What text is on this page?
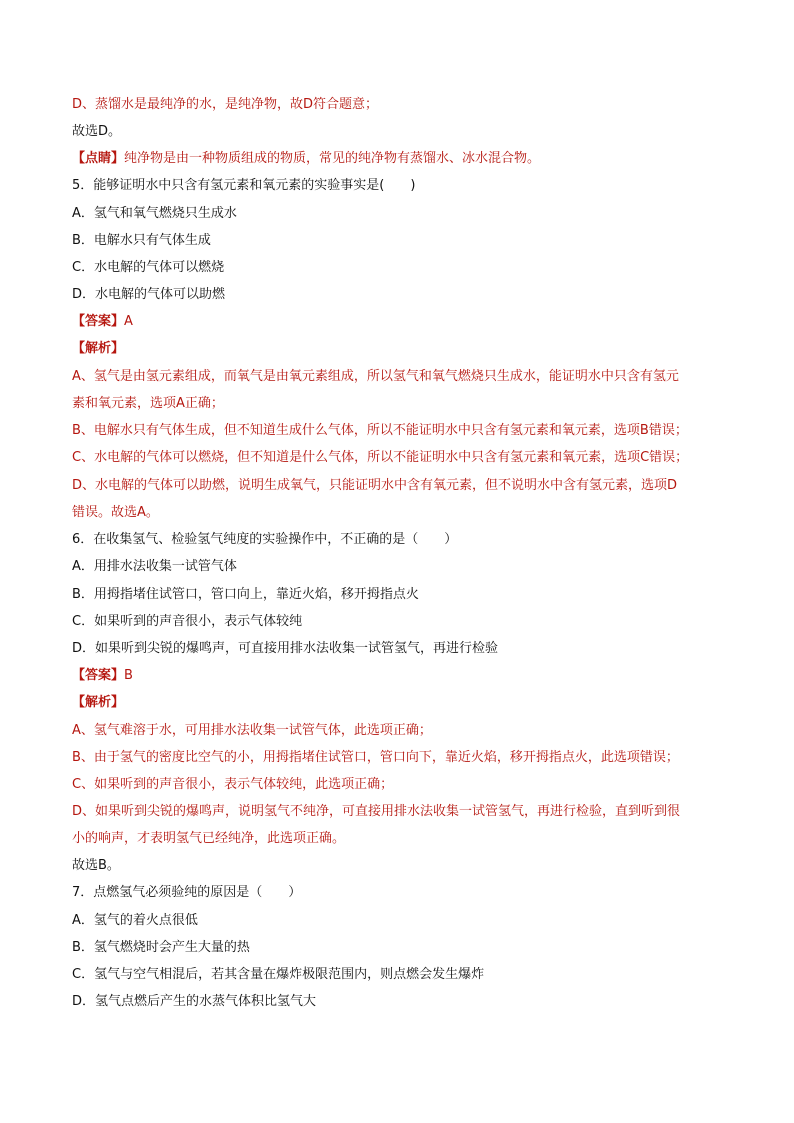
D、蒸馏水是最纯净的水，是纯净物，故D符合题意；
故选D。
【点睛】纯净物是由一种物质组成的物质，常见的纯净物有蒸馏水、冰水混合物。
5．能够证明水中只含有氢元素和氧元素的实验事实是(　　)
A．氢气和氧气燃烧只生成水
B．电解水只有气体生成
C．水电解的气体可以燃烧
D．水电解的气体可以助燃
【答案】A
【解析】
A、氢气是由氢元素组成，而氧气是由氧元素组成，所以氢气和氧气燃烧只生成水，能证明水中只含有氢元
素和氧元素，选项A正确；
B、电解水只有气体生成，但不知道生成什么气体，所以不能证明水中只含有氢元素和氧元素，选项B错误；
C、水电解的气体可以燃烧，但不知道是什么气体，所以不能证明水中只含有氢元素和氧元素，选项C错误；
D、水电解的气体可以助燃，说明生成氧气，只能证明水中含有氧元素，但不说明水中含有氢元素，选项D
错误。故选A。
6．在收集氢气、检验氢气纯度的实验操作中，不正确的是（　　）
A．用排水法收集一试管气体
B．用拇指堵住试管口，管口向上，靠近火焰，移开拇指点火
C．如果听到的声音很小，表示气体较纯
D．如果听到尖锐的爆鸣声，可直接用排水法收集一试管氢气，再进行检验
【答案】B
【解析】
A、氢气难溶于水，可用排水法收集一试管气体，此选项正确；
B、由于氢气的密度比空气的小，用拇指堵住试管口，管口向下，靠近火焰，移开拇指点火，此选项错误；
C、如果听到的声音很小，表示气体较纯，此选项正确；
D、如果听到尖锐的爆鸣声，说明氢气不纯净，可直接用排水法收集一试管氢气，再进行检验，直到听到很
小的响声，才表明氢气已经纯净，此选项正确。
故选B。
7．点燃氢气必须验纯的原因是（　　）
A．氢气的着火点很低
B．氢气燃烧时会产生大量的热
C．氢气与空气相混后，若其含量在爆炸极限范围内，则点燃会发生爆炸
D．氢气点燃后产生的水蒸气体积比氢气大
